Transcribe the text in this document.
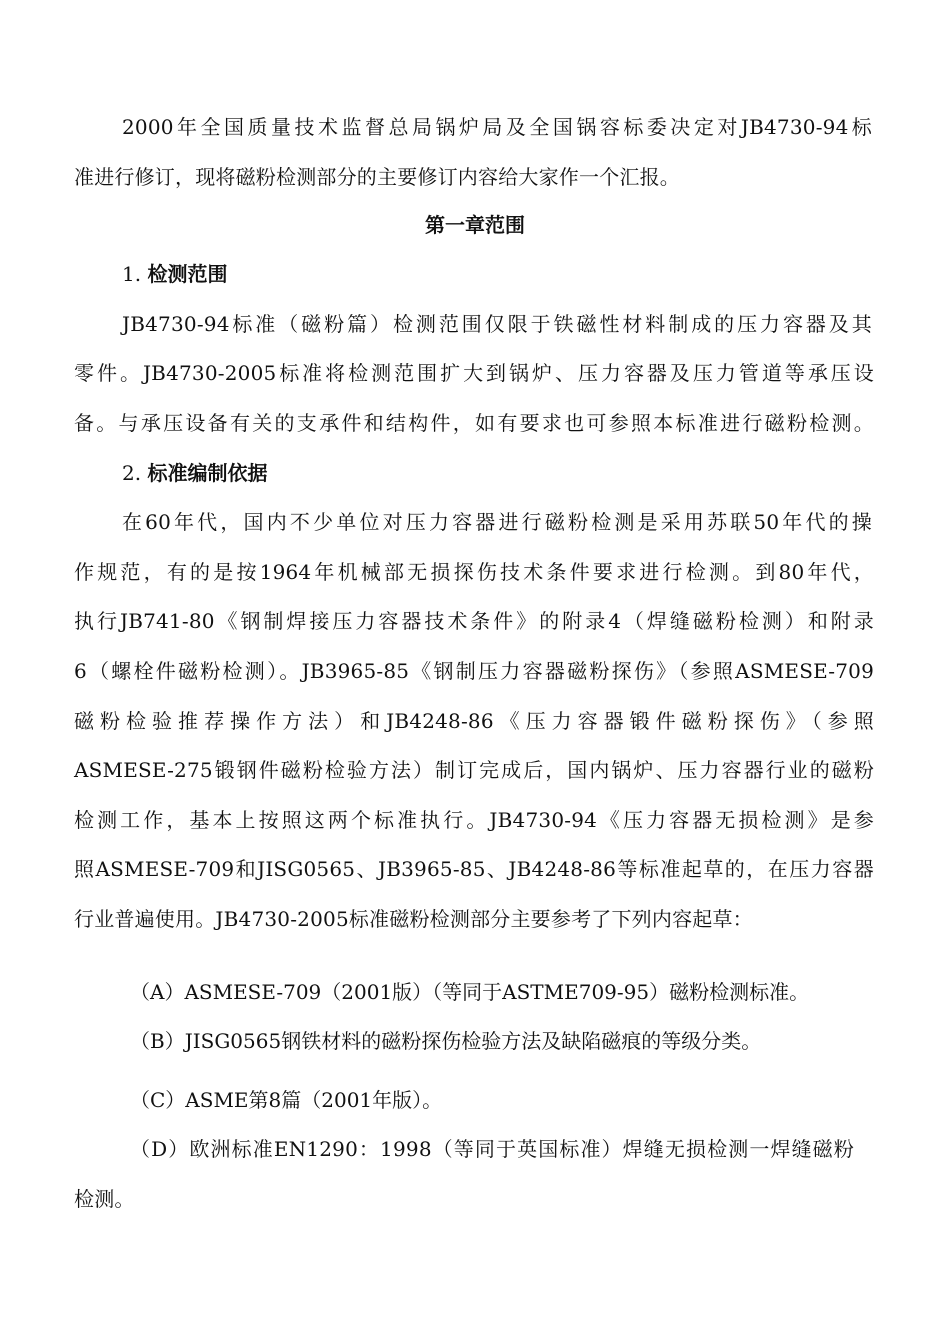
2000年全国质量技术监督总局锅炉局及全国锅容标委决定对JB4730-94标
准进行修订，现将磁粉检测部分的主要修订内容给大家作一个汇报。
第一章范围
1. 检测范围
JB4730-94标准（磁粉篇）检测范围仅限于铁磁性材料制成的压力容器及其
零件。JB4730-2005标准将检测范围扩大到锅炉、压力容器及压力管道等承压设
备。与承压设备有关的支承件和结构件，如有要求也可参照本标准进行磁粉检测。
2. 标准编制依据
在60年代，国内不少单位对压力容器进行磁粉检测是采用苏联50年代的操
作规范，有的是按1964年机械部无损探伤技术条件要求进行检测。到80年代，
执行JB741-80《钢制焊接压力容器技术条件》的附录4（焊缝磁粉检测）和附录
6（螺栓件磁粉检测）。JB3965-85《钢制压力容器磁粉探伤》（参照ASMESE-709
磁粉检验推荐操作方法）和JB4248-86《压力容器锻件磁粉探伤》（参照
ASMESE-275锻钢件磁粉检验方法）制订完成后，国内锅炉、压力容器行业的磁粉
检测工作，基本上按照这两个标准执行。JB4730-94《压力容器无损检测》是参
照ASMESE-709和JISG0565、JB3965-85、JB4248-86等标准起草的，在压力容器
行业普遍使用。JB4730-2005标准磁粉检测部分主要参考了下列内容起草：
（A）ASMESE-709（2001版）（等同于ASTME709-95）磁粉检测标准。
（B）JISG0565钢铁材料的磁粉探伤检验方法及缺陷磁痕的等级分类。
（C）ASME第8篇（2001年版）。
（D）欧洲标准EN1290：1998（等同于英国标准）焊缝无损检测一焊缝磁粉
检测。
